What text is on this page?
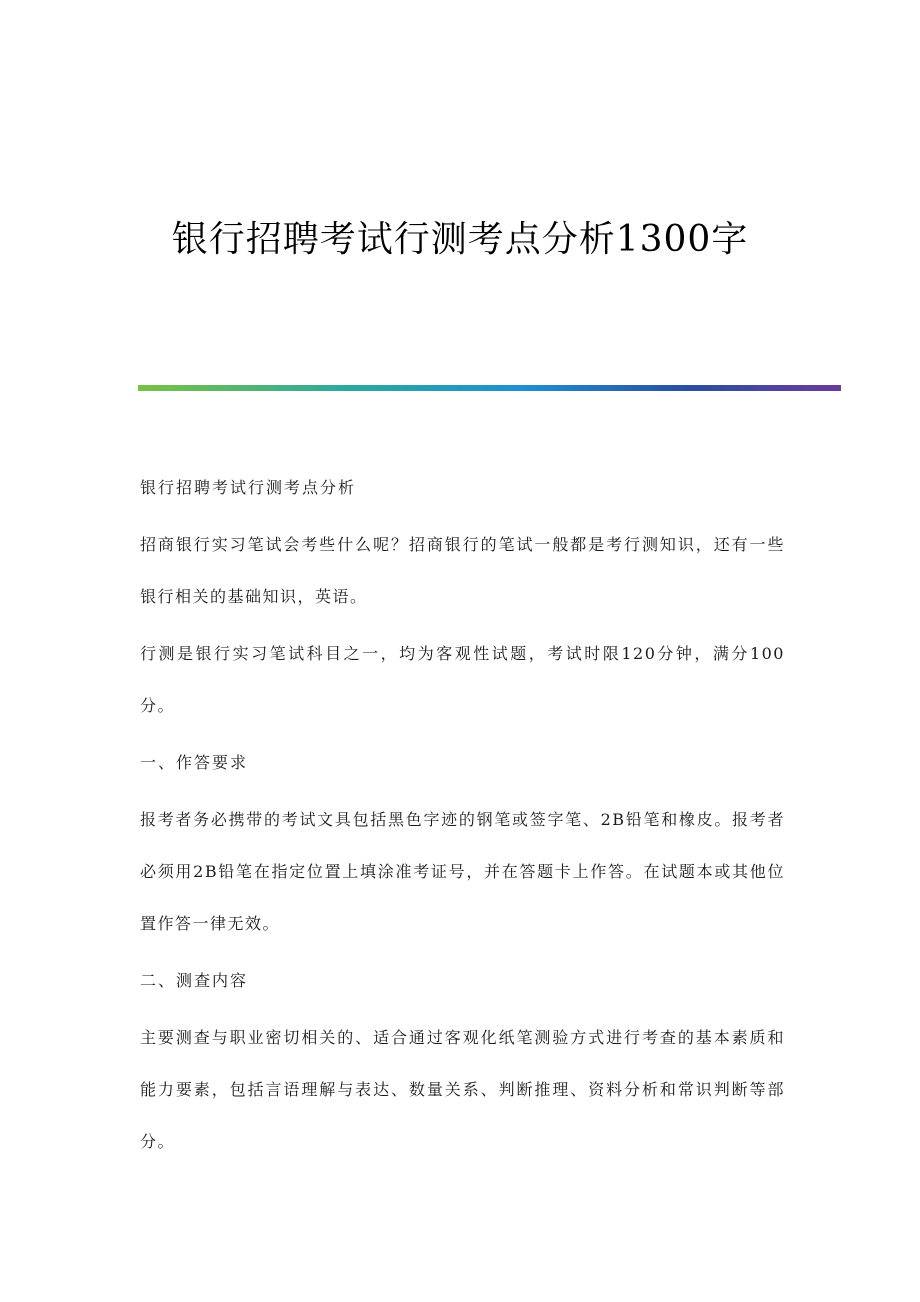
银行招聘考试行测考点分析1300字

银行招聘考试行测考点分析

招商银行实习笔试会考些什么呢？招商银行的笔试一般都是考行测知识，还有一些银行相关的基础知识，英语。

行测是银行实习笔试科目之一，均为客观性试题，考试时限120分钟，满分100分。

一、作答要求

报考者务必携带的考试文具包括黑色字迹的钢笔或签字笔、2B铅笔和橡皮。报考者必须用2B铅笔在指定位置上填涂准考证号，并在答题卡上作答。在试题本或其他位置作答一律无效。

二、测查内容

主要测查与职业密切相关的、适合通过客观化纸笔测验方式进行考查的基本素质和能力要素，包括言语理解与表达、数量关系、判断推理、资料分析和常识判断等部分。
